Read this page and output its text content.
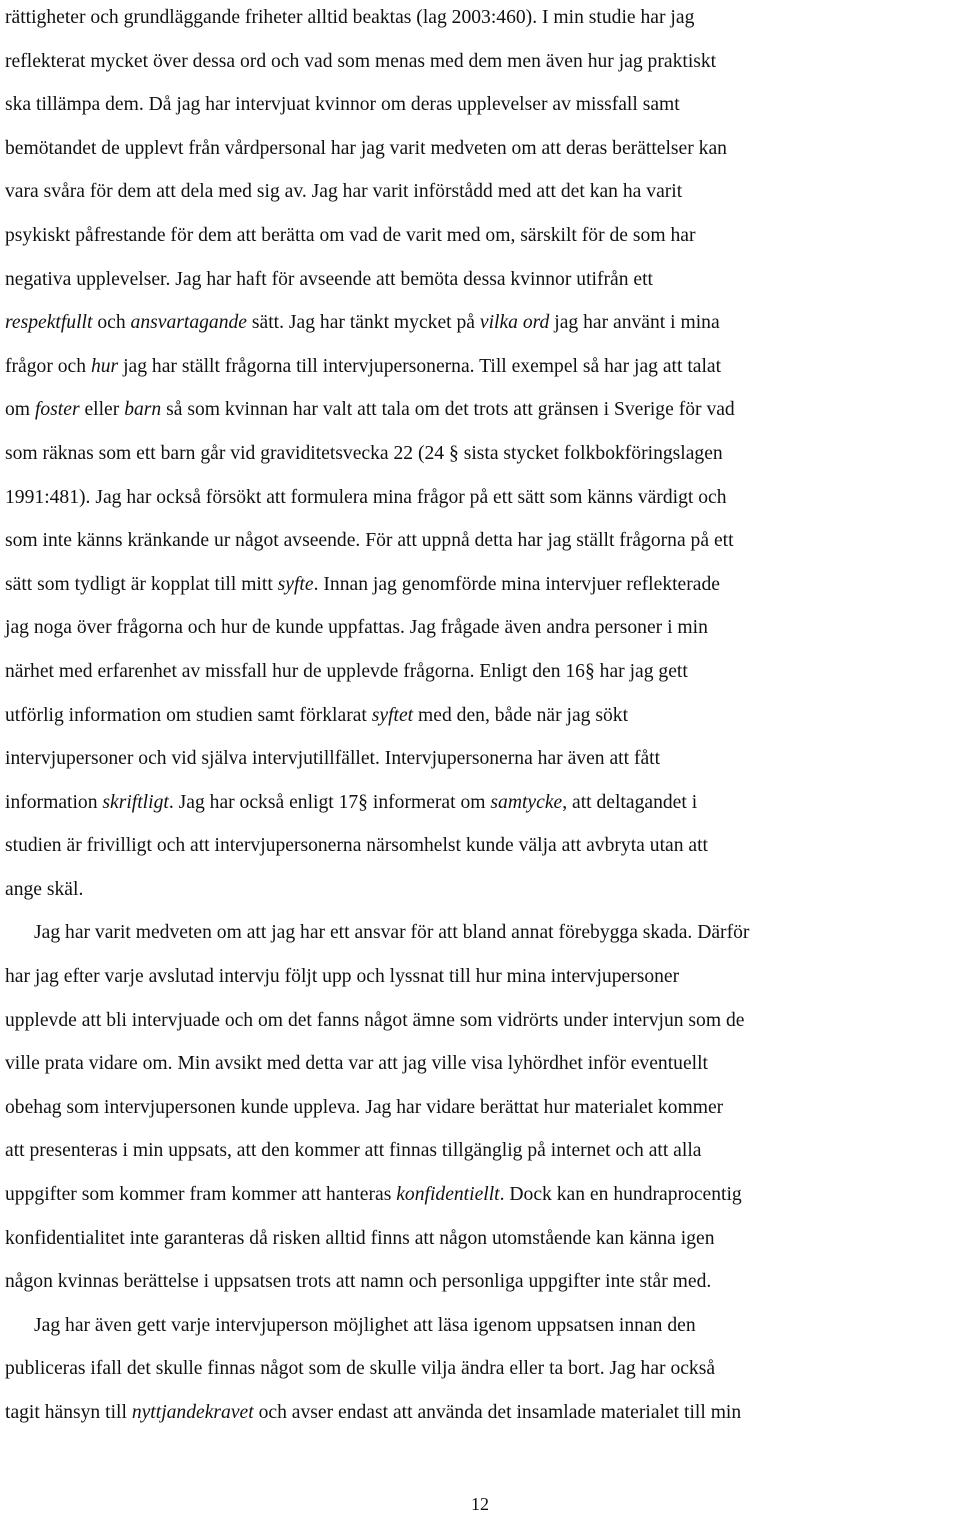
rättigheter och grundläggande friheter alltid beaktas (lag 2003:460). I min studie har jag
reflekterat mycket över dessa ord och vad som menas med dem men även hur jag praktiskt
ska tillämpa dem. Då jag har intervjuat kvinnor om deras upplevelser av missfall samt
bemötandet de upplevt från vårdpersonal har jag varit medveten om att deras berättelser kan
vara svåra för dem att dela med sig av. Jag har varit införstådd med att det kan ha varit
psykiskt påfrestande för dem att berätta om vad de varit med om, särskilt för de som har
negativa upplevelser. Jag har haft för avseende att bemöta dessa kvinnor utifrån ett
respektfullt och ansvartagande sätt. Jag har tänkt mycket på vilka ord jag har använt i mina
frågor och hur jag har ställt frågorna till intervjupersonerna. Till exempel så har jag att talat
om foster eller barn så som kvinnan har valt att tala om det trots att gränsen i Sverige för vad
som räknas som ett barn går vid graviditetsvecka 22 (24 § sista stycket folkbokföringslagen
1991:481). Jag har också försökt att formulera mina frågor på ett sätt som känns värdigt och
som inte känns kränkande ur något avseende. För att uppnå detta har jag ställt frågorna på ett
sätt som tydligt är kopplat till mitt syfte. Innan jag genomförde mina intervjuer reflekterade
jag noga över frågorna och hur de kunde uppfattas. Jag frågade även andra personer i min
närhet med erfarenhet av missfall hur de upplevde frågorna. Enligt den 16§ har jag gett
utförlig information om studien samt förklarat syftet med den, både när jag sökt
intervjupersoner och vid själva intervjutillfället. Intervjupersonerna har även att fått
information skriftligt. Jag har också enligt 17§ informerat om samtycke, att deltagandet i
studien är frivilligt och att intervjupersonerna närsomhelst kunde välja att avbryta utan att
ange skäl.
Jag har varit medveten om att jag har ett ansvar för att bland annat förebygga skada. Därför
har jag efter varje avslutad intervju följt upp och lyssnat till hur mina intervjupersoner
upplevde att bli intervjuade och om det fanns något ämne som vidrörts under intervjun som de
ville prata vidare om. Min avsikt med detta var att jag ville visa lyhördhet inför eventuellt
obehag som intervjupersonen kunde uppleva. Jag har vidare berättat hur materialet kommer
att presenteras i min uppsats, att den kommer att finnas tillgänglig på internet och att alla
uppgifter som kommer fram kommer att hanteras konfidentiellt. Dock kan en hundraprocentig
konfidentialitet inte garanteras då risken alltid finns att någon utomstående kan känna igen
någon kvinnas berättelse i uppsatsen trots att namn och personliga uppgifter inte står med.
Jag har även gett varje intervjuperson möjlighet att läsa igenom uppsatsen innan den
publiceras ifall det skulle finnas något som de skulle vilja ändra eller ta bort. Jag har också
tagit hänsyn till nyttjandekravet och avser endast att använda det insamlade materialet till min
12
